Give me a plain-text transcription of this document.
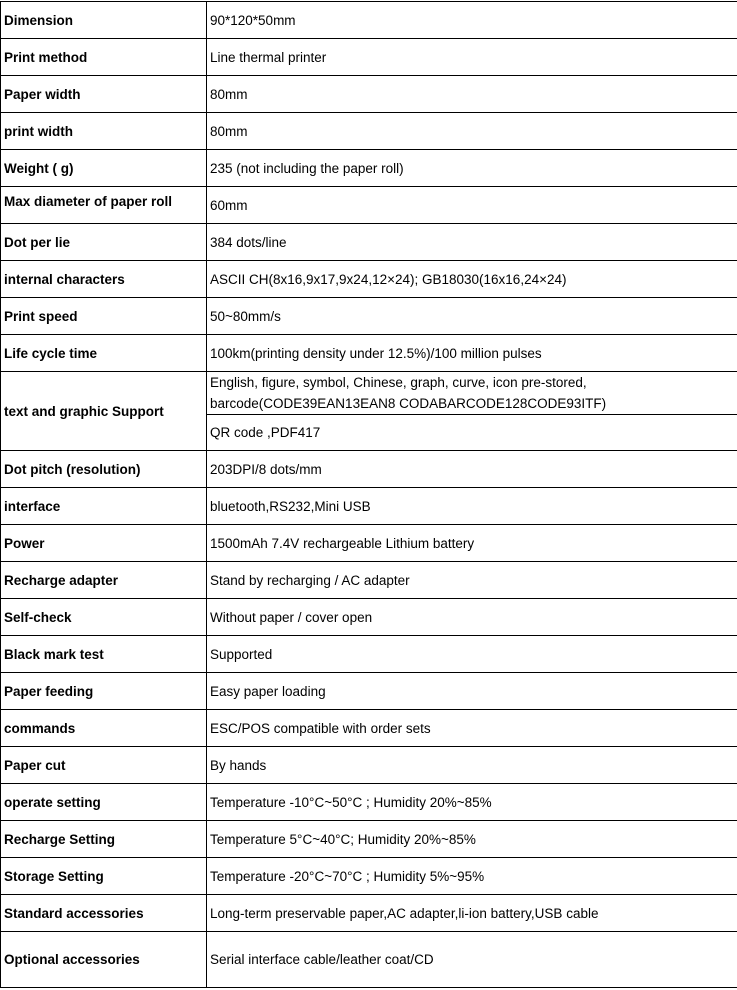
Dimension	90*120*50mm
Print method	Line thermal printer
Paper width	80mm
print width	80mm
Weight ( g)	235 (not including the paper roll)
Max diameter of paper roll	60mm
Dot per lie	384 dots/line
internal characters	ASCII CH(8x16,9x17,9x24,12×24); GB18030(16x16,24×24)
Print speed	50~80mm/s
Life cycle time	100km(printing density under 12.5%)/100 million pulses
text and graphic Support	English, figure, symbol, Chinese, graph, curve, icon pre-stored, barcode(CODE39EAN13EAN8 CODABARCODE128CODE93ITF)
	QR code ,PDF417
Dot pitch (resolution)	203DPI/8 dots/mm
interface	bluetooth,RS232,Mini USB
Power	1500mAh 7.4V rechargeable Lithium battery
Recharge adapter	Stand by recharging / AC adapter
Self-check	Without paper / cover open
Black mark test	Supported
Paper feeding	Easy paper loading
commands	ESC/POS compatible with order sets
Paper cut	By hands
operate setting	Temperature -10°C~50°C ; Humidity 20%~85%
Recharge Setting	Temperature 5°C~40°C; Humidity 20%~85%
Storage Setting	Temperature -20°C~70°C ; Humidity 5%~95%
Standard accessories	Long-term preservable paper,AC adapter,li-ion battery,USB cable
Optional accessories	Serial interface cable/leather coat/CD
